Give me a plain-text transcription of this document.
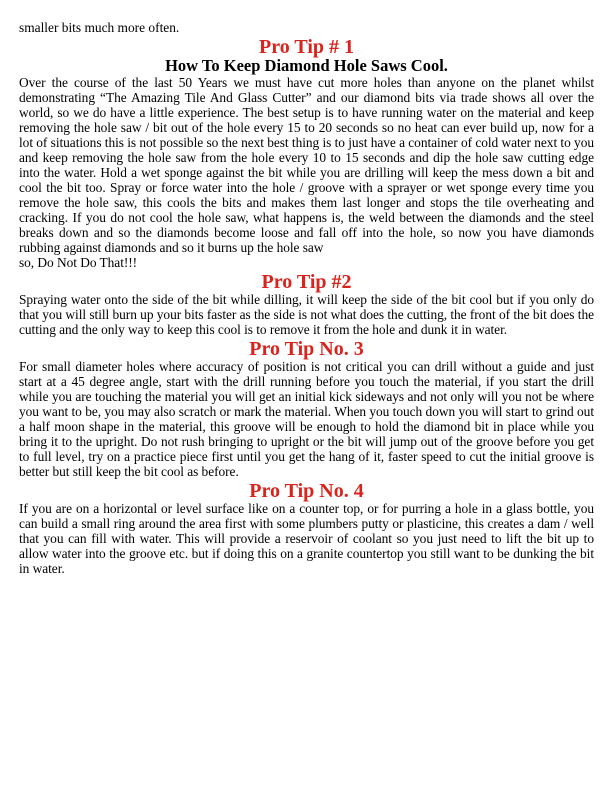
smaller bits much more often.

Pro Tip # 1
How To Keep Diamond Hole Saws Cool.

Over the course of the last 50 Years we must have cut more holes than anyone on the planet whilst demonstrating “The Amazing Tile And Glass Cutter” and our diamond bits via trade shows all over the world, so we do have a little experience. The best setup is to have running water on the material and keep removing the hole saw / bit out of the hole every 15 to 20 seconds so no heat can ever build up, now for a lot of situations this is not possible so the next best thing is to just have a container of cold water next to you and keep removing the hole saw from the hole every 10 to 15 seconds and dip the hole saw cutting edge into the water. Hold a wet sponge against the bit while you are drilling will keep the mess down a bit and cool the bit too. Spray or force water into the hole / groove with a sprayer or wet sponge every time you remove the hole saw, this cools the bits and makes them last longer and stops the tile overheating and cracking. If you do not cool the hole saw, what happens is, the weld between the diamonds and the steel breaks down and so the diamonds become loose and fall off into the hole, so now you have diamonds rubbing against diamonds and so it burns up the hole saw

so, Do Not Do That!!!

Pro Tip #2

Spraying water onto the side of the bit while dilling, it will keep the side of the bit cool but if you only do that you will still burn up your bits faster as the side is not what does the cutting, the front of the bit does the cutting and the only way to keep this cool is to remove it from the hole and dunk it in water.

Pro Tip No. 3

For small diameter holes where accuracy of position is not critical you can drill without a guide and just start at a 45 degree angle, start with the drill running before you touch the material, if you start the drill while you are touching the material you will get an initial kick sideways and not only will you not be where you want to be, you may also scratch or mark the material. When you touch down you will start to grind out a half moon shape in the material, this groove will be enough to hold the diamond bit in place while you bring it to the upright. Do not rush bringing to upright or the bit will jump out of the groove before you get to full level, try on a practice piece first until you get the hang of it, faster speed to cut the initial groove is better but still keep the bit cool as before.

Pro Tip No. 4

If you are on a horizontal or level surface like on a counter top, or for purring a hole in a glass bottle, you can build a small ring around the area first with some plumbers putty or plasticine, this creates a dam / well that you can fill with water. This will provide a reservoir of coolant so you just need to lift the bit up to allow water into the groove etc. but if doing this on a granite countertop you still want to be dunking the bit in water.
